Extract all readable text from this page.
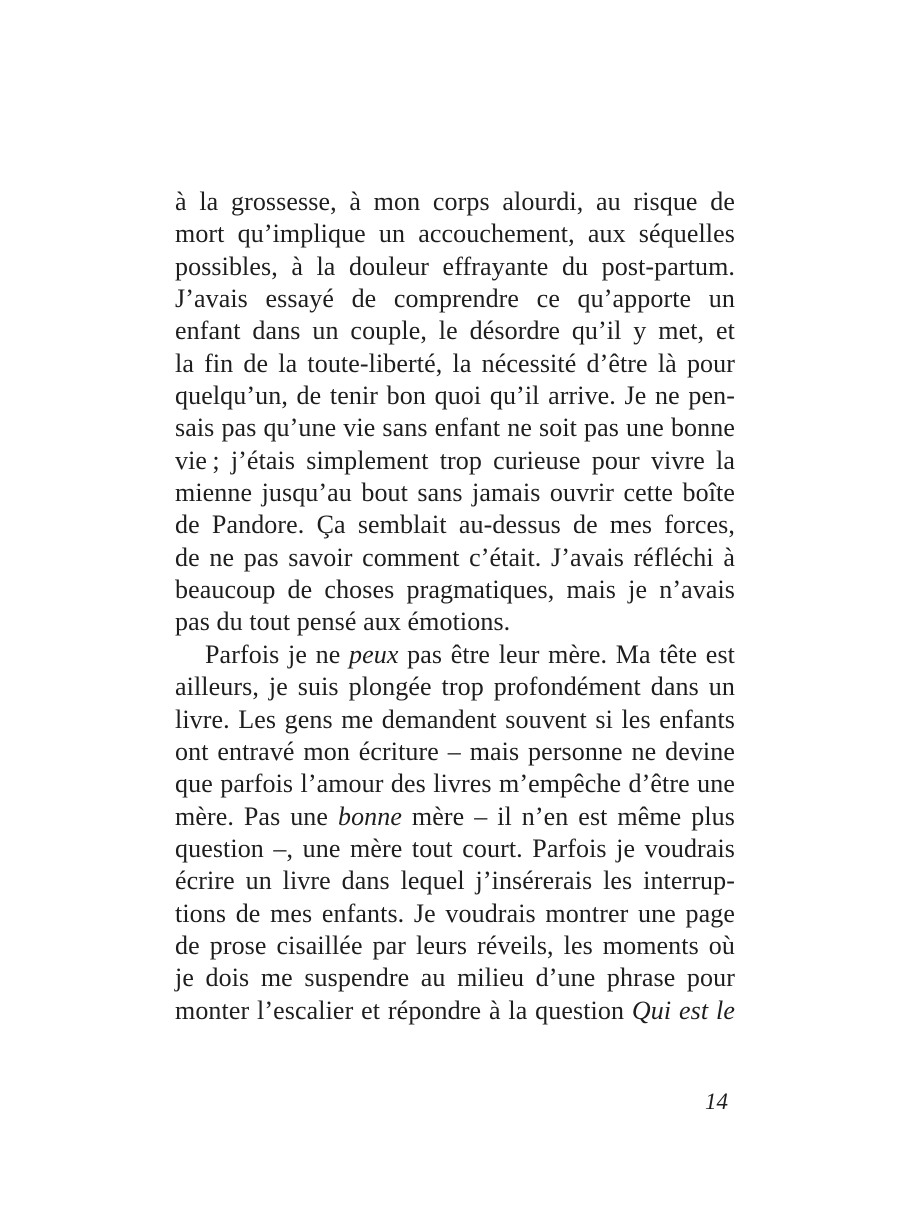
à la grossesse, à mon corps alourdi, au risque de
mort qu’implique un accouchement, aux séquelles
possibles, à la douleur effrayante du post-partum.
J’avais essayé de comprendre ce qu’apporte un
enfant dans un couple, le désordre qu’il y met, et
la fin de la toute-liberté, la nécessité d’être là pour
quelqu’un, de tenir bon quoi qu’il arrive. Je ne pen-
sais pas qu’une vie sans enfant ne soit pas une bonne
vie ; j’étais simplement trop curieuse pour vivre la
mienne jusqu’au bout sans jamais ouvrir cette boîte
de Pandore. Ça semblait au-dessus de mes forces,
de ne pas savoir comment c’était. J’avais réfléchi à
beaucoup de choses pragmatiques, mais je n’avais
pas du tout pensé aux émotions.
Parfois je ne peux pas être leur mère. Ma tête est
ailleurs, je suis plongée trop profondément dans un
livre. Les gens me demandent souvent si les enfants
ont entravé mon écriture – mais personne ne devine
que parfois l’amour des livres m’empêche d’être une
mère. Pas une bonne mère – il n’en est même plus
question –, une mère tout court. Parfois je voudrais
écrire un livre dans lequel j’insérerais les interrup-
tions de mes enfants. Je voudrais montrer une page
de prose cisaillée par leurs réveils, les moments où
je dois me suspendre au milieu d’une phrase pour
monter l’escalier et répondre à la question Qui est le
14
